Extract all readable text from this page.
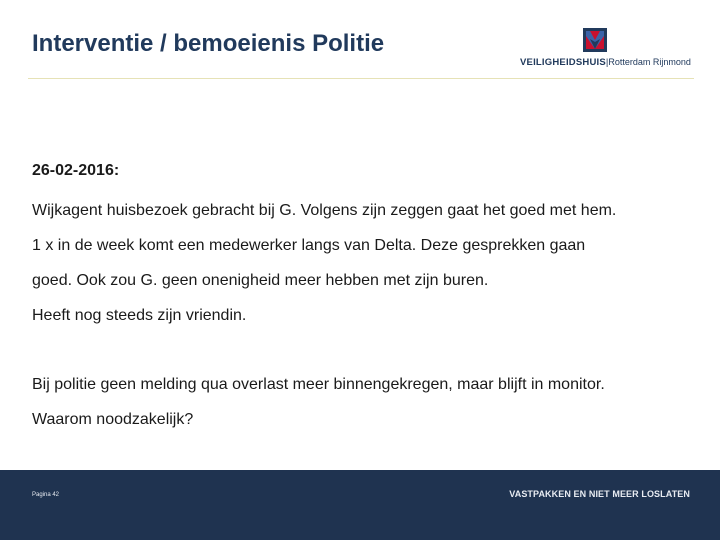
Interventie / bemoeienis Politie
VEILIGHEIDSHUIS|Rotterdam Rijnmond
26-02-2016:

Wijkagent huisbezoek gebracht bij G. Volgens zijn zeggen gaat het goed met hem.

1 x in de week komt een medewerker langs van Delta. Deze gesprekken gaan

goed. Ook zou G. geen onenigheid meer hebben met zijn buren.

Heeft nog steeds zijn vriendin.

Bij politie geen melding qua overlast meer binnengekregen, maar blijft in monitor.

Waarom noodzakelijk?

Pagina 42	VASTPAKKEN EN NIET MEER LOSLATEN
